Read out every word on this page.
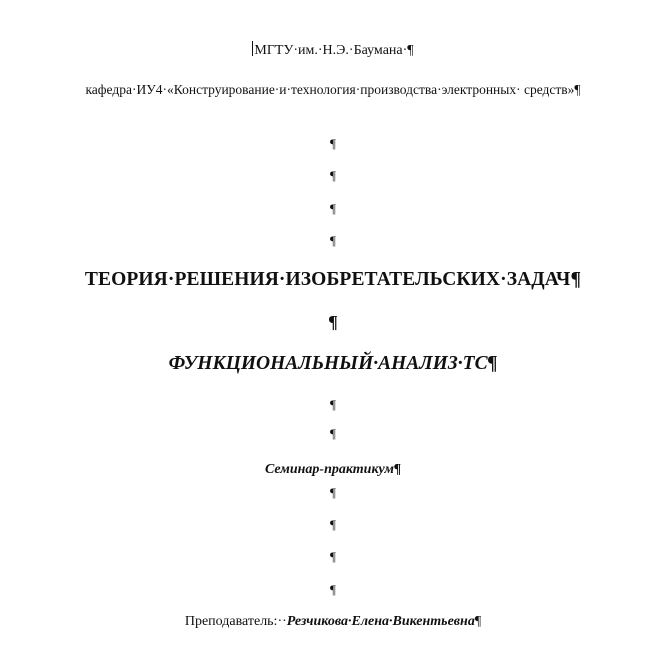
МГТУ·им.·Н.Э.·Баумана·¶
кафедра·ИУ4·«Конструирование·и·технология·производства·электронных· средств»¶
¶
¶
¶
¶
ТЕОРИЯ·РЕШЕНИЯ·ИЗОБРЕТАТЕЛЬСКИХ·ЗАДАЧ¶
¶
ФУНКЦИОНАЛЬНЫЙ·АНАЛИЗ·ТС¶
¶
¶
Семинар-практикум¶
¶
¶
¶
¶
Преподаватель:··Резчикова·Елена·Викентьевна¶
